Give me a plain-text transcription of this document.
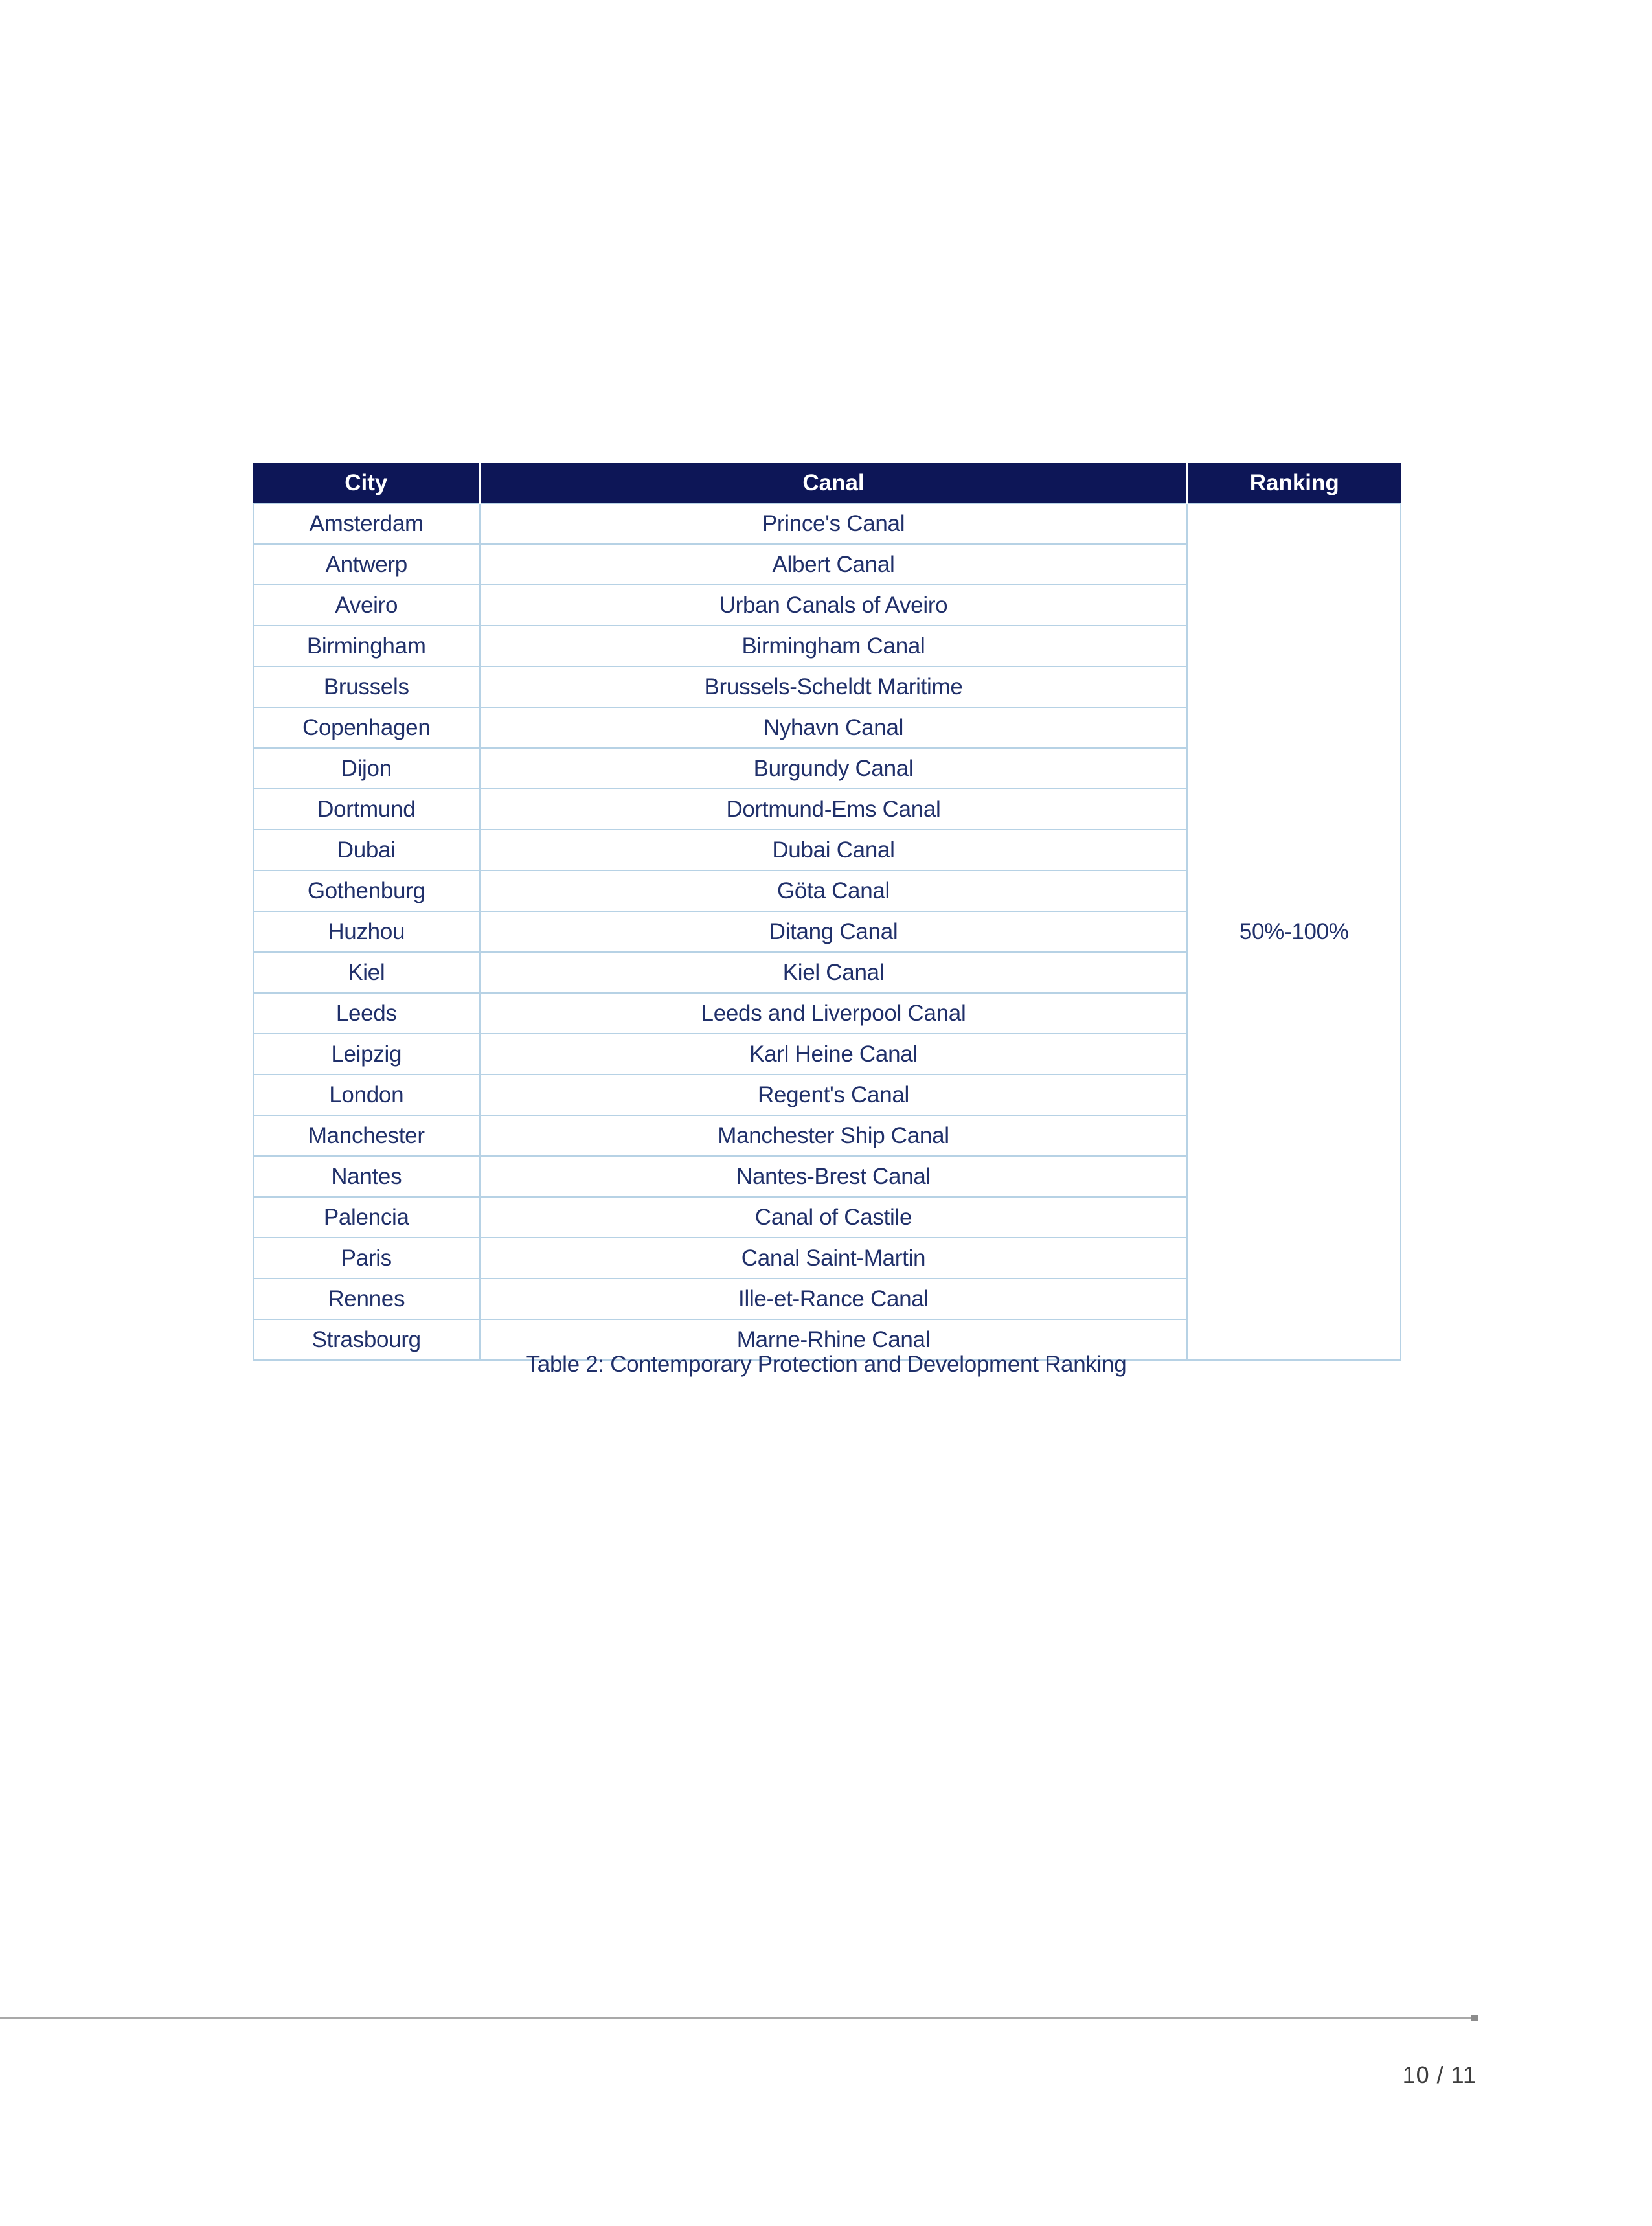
City	Canal	Ranking
Amsterdam	Prince's Canal	50%-100%
Antwerp	Albert Canal	
Aveiro	Urban Canals of Aveiro	
Birmingham	Birmingham Canal	
Brussels	Brussels-Scheldt Maritime	
Copenhagen	Nyhavn Canal	
Dijon	Burgundy Canal	
Dortmund	Dortmund-Ems Canal	
Dubai	Dubai Canal	
Gothenburg	Göta Canal	
Huzhou	Ditang Canal	
Kiel	Kiel Canal	
Leeds	Leeds and Liverpool Canal	
Leipzig	Karl Heine Canal	
London	Regent's Canal	
Manchester	Manchester Ship Canal	
Nantes	Nantes-Brest Canal	
Palencia	Canal of Castile	
Paris	Canal Saint-Martin	
Rennes	Ille-et-Rance Canal	
Strasbourg	Marne-Rhine Canal	
Table 2: Contemporary Protection and Development Ranking
10 / 11
